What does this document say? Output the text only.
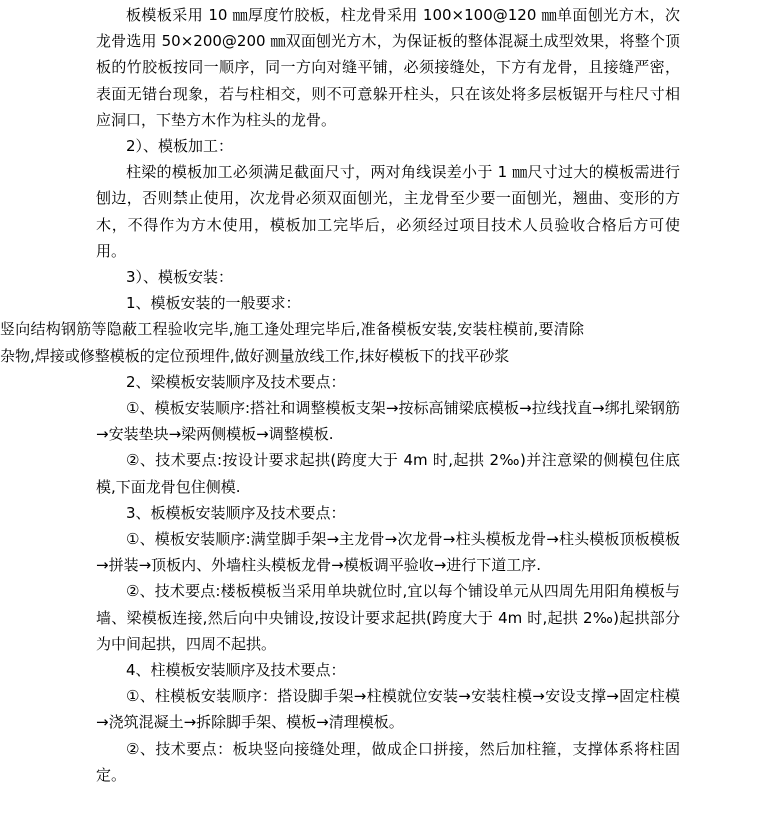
板模板采用 10 ㎜厚度竹胶板，柱龙骨采用 100×100@120 ㎜单面刨光方木，次龙骨选用 50×200@200 ㎜双面刨光方木，为保证板的整体混凝土成型效果，将整个顶板的竹胶板按同一顺序，同一方向对缝平铺，必须接缝处，下方有龙骨，且接缝严密，表面无错台现象，若与柱相交，则不可意躲开柱头，只在该处将多层板锯开与柱尺寸相应洞口，下垫方木作为柱头的龙骨。

2）、模板加工：

柱梁的模板加工必须满足截面尺寸，两对角线误差小于 1 ㎜尺寸过大的模板需进行刨边，否则禁止使用，次龙骨必须双面刨光，主龙骨至少要一面刨光，翘曲、变形的方木，不得作为方木使用，模板加工完毕后，必须经过项目技术人员验收合格后方可使用。

3）、模板安装：

1、模板安装的一般要求：

竖向结构钢筋等隐蔽工程验收完毕,施工逢处理完毕后,准备模板安装,安装柱模前,要清除杂物,焊接或修整模板的定位预埋件,做好测量放线工作,抹好模板下的找平砂浆

2、梁模板安装顺序及技术要点：

①、模板安装顺序:搭社和调整模板支架→按标高铺梁底模板→拉线找直→绑扎梁钢筋→安装垫块→梁两侧模板→调整模板.

②、技术要点:按设计要求起拱(跨度大于 4m 时,起拱 2‰)并注意梁的侧模包住底模,下面龙骨包住侧模.

3、板模板安装顺序及技术要点：

①、模板安装顺序:满堂脚手架→主龙骨→次龙骨→柱头模板龙骨→柱头模板顶板模板→拼装→顶板内、外墙柱头模板龙骨→模板调平验收→进行下道工序.

②、技术要点:楼板模板当采用单块就位时,宜以每个铺设单元从四周先用阳角模板与墙、梁模板连接,然后向中央铺设,按设计要求起拱(跨度大于 4m 时,起拱 2‰)起拱部分为中间起拱，四周不起拱。

4、柱模板安装顺序及技术要点：

①、柱模板安装顺序：搭设脚手架→柱模就位安装→安装柱模→安设支撑→固定柱模→浇筑混凝土→拆除脚手架、模板→清理模板。

②、技术要点：板块竖向接缝处理，做成企口拼接，然后加柱箍，支撑体系将柱固定。
